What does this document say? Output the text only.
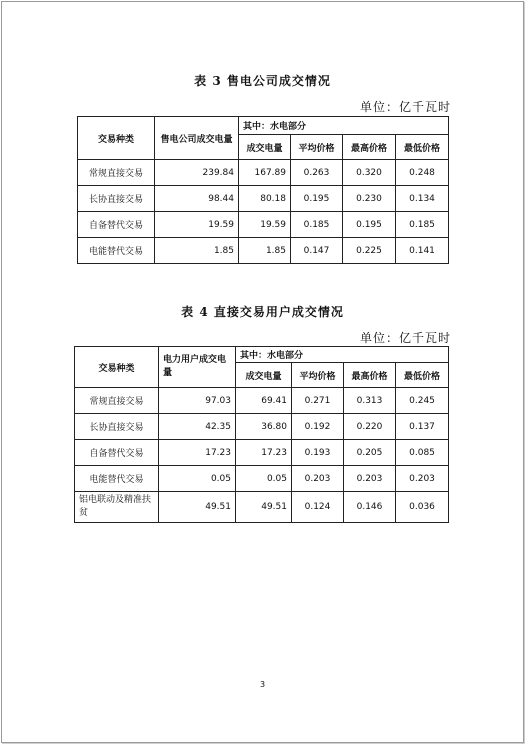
表 3 售电公司成交情况
单位：亿千瓦时
交易种类	售电公司成交电量	其中：水电部分			
		成交电量	平均价格	最高价格	最低价格
常规直接交易	239.84	167.89	0.263	0.320	0.248
长协直接交易	98.44	80.18	0.195	0.230	0.134
自备替代交易	19.59	19.59	0.185	0.195	0.185
电能替代交易	1.85	1.85	0.147	0.225	0.141
表 4 直接交易用户成交情况
单位：亿千瓦时
交易种类	电力用户成交电量	其中：水电部分			
		成交电量	平均价格	最高价格	最低价格
常规直接交易	97.03	69.41	0.271	0.313	0.245
长协直接交易	42.35	36.80	0.192	0.220	0.137
自备替代交易	17.23	17.23	0.193	0.205	0.085
电能替代交易	0.05	0.05	0.203	0.203	0.203
铝电联动及精准扶贫	49.51	49.51	0.124	0.146	0.036
3
